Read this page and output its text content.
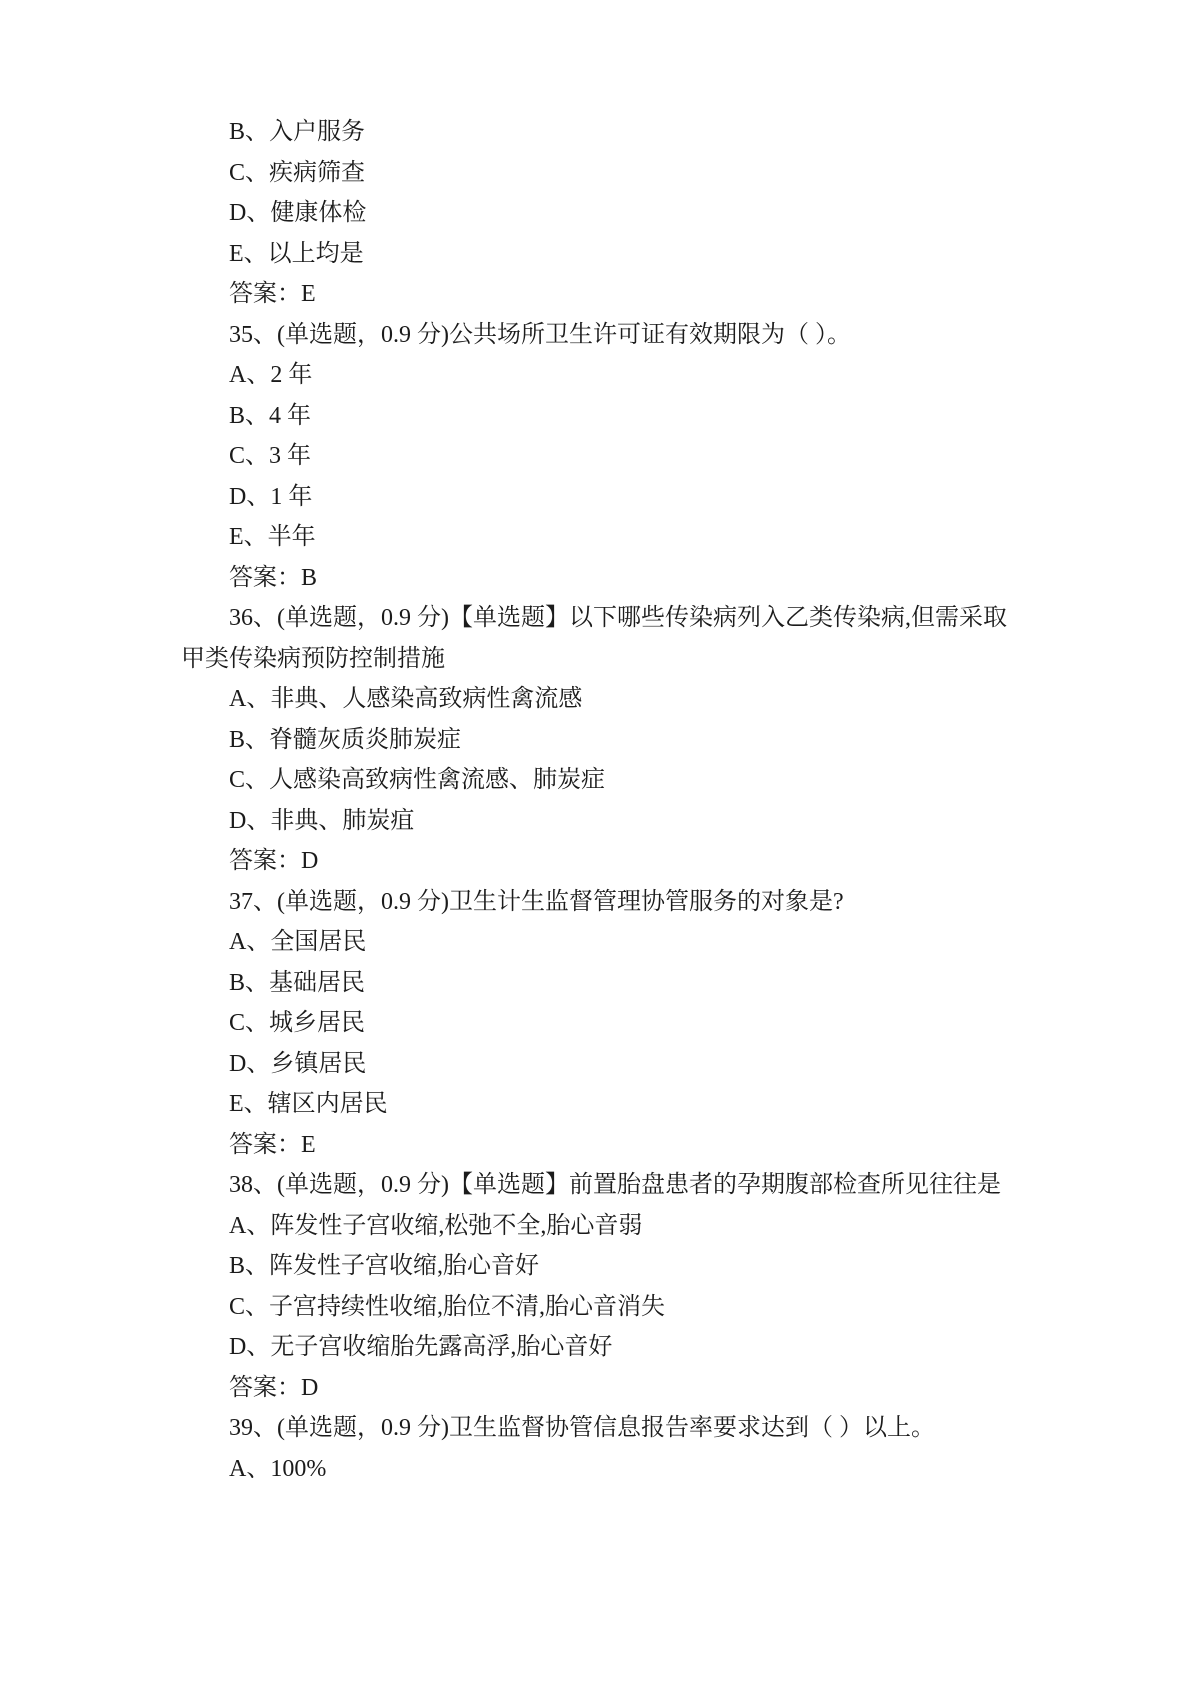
B、入户服务

C、疾病筛查

D、健康体检

E、以上均是

答案：E

35、(单选题，0.9 分)公共场所卫生许可证有效期限为（ ）。

A、2 年

B、4 年

C、3 年

D、1 年

E、半年

答案：B

36、(单选题，0.9 分)【单选题】以下哪些传染病列入乙类传染病,但需采取甲类传染病预防控制措施

A、非典、人感染高致病性禽流感

B、脊髓灰质炎肺炭症

C、人感染高致病性禽流感、肺炭症

D、非典、肺炭疽

答案：D

37、(单选题，0.9 分)卫生计生监督管理协管服务的对象是?

A、全国居民

B、基础居民

C、城乡居民

D、乡镇居民

E、辖区内居民

答案：E

38、(单选题，0.9 分)【单选题】前置胎盘患者的孕期腹部检查所见往往是

A、阵发性子宫收缩,松弛不全,胎心音弱

B、阵发性子宫收缩,胎心音好

C、子宫持续性收缩,胎位不清,胎心音消失

D、无子宫收缩胎先露高浮,胎心音好

答案：D

39、(单选题，0.9 分)卫生监督协管信息报告率要求达到（ ）以上。

A、100%
